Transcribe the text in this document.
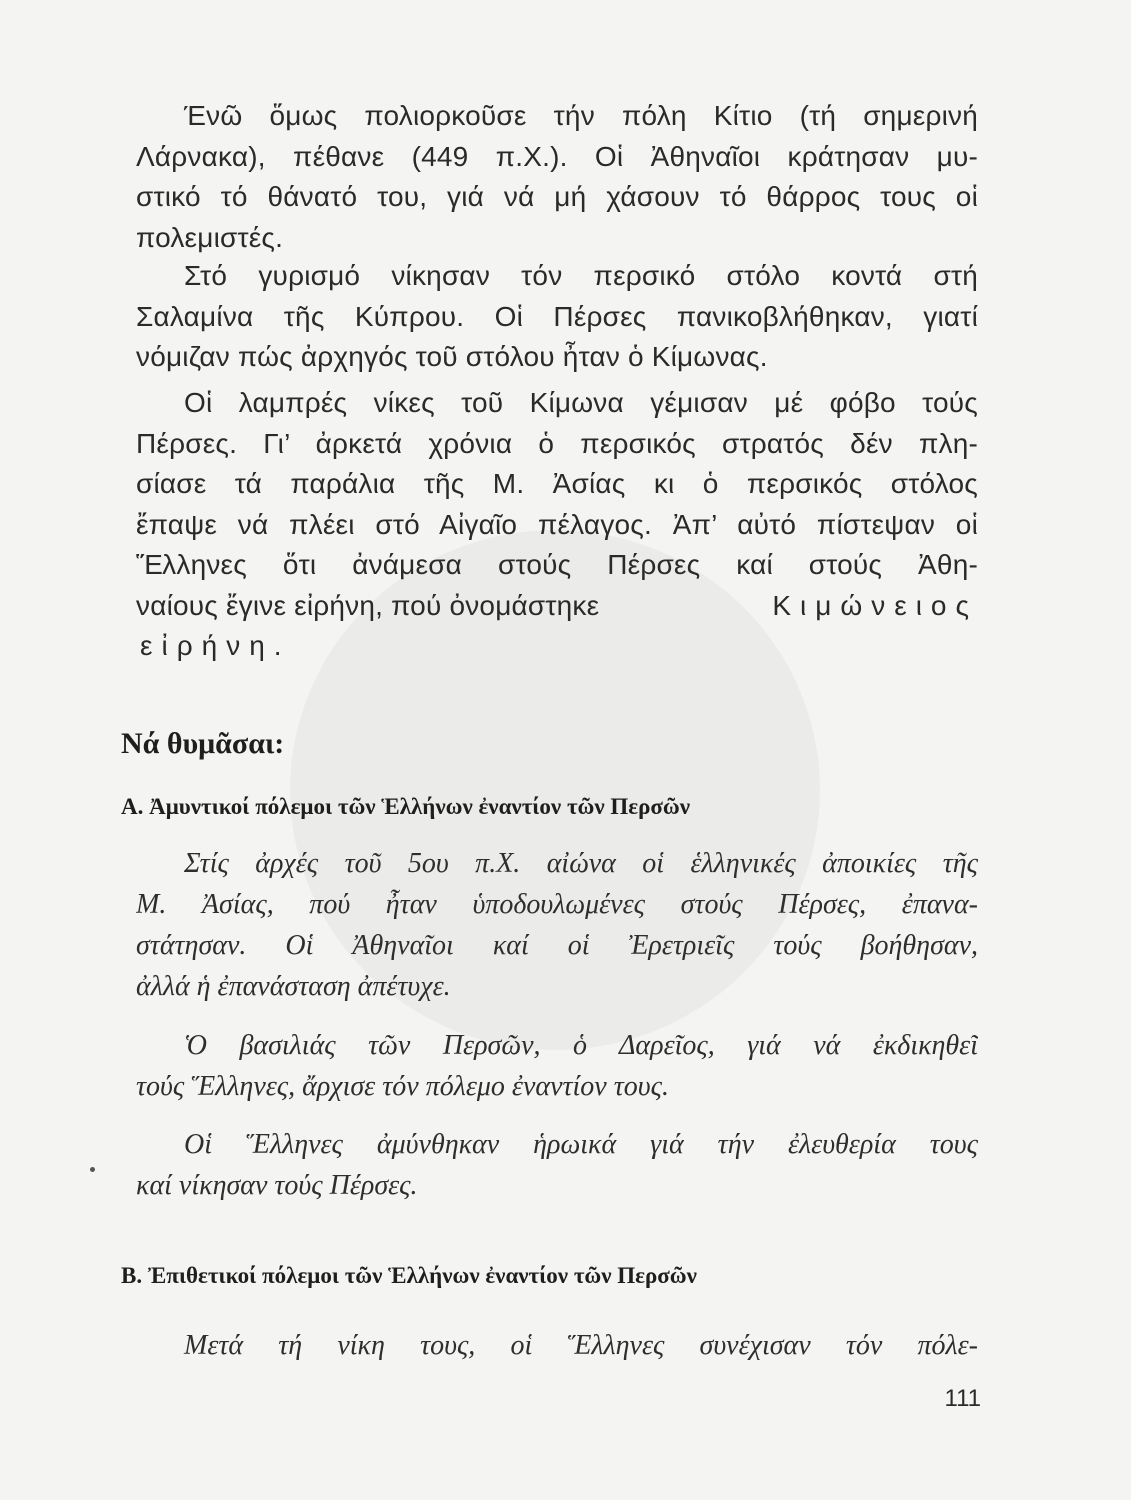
Ένῶ ὅμως πολιορκοῦσε τήν πόλη Κίτιο (τή σημερινή
Λάρνακα), πέθανε (449 π.Χ.). Οἱ Ἀθηναῖοι κράτησαν μυ-
στικό τό θάνατό του, γιά νά μή χάσουν τό θάρρος τους οἱ
πολεμιστές.
Στό γυρισμό νίκησαν τόν περσικό στόλο κοντά στή
Σαλαμίνα τῆς Κύπρου. Οἱ Πέρσες πανικοβλήθηκαν, γιατί
νόμιζαν πώς ἀρχηγός τοῦ στόλου ἦταν ὁ Κίμωνας.
Οἱ λαμπρές νίκες τοῦ Κίμωνα γέμισαν μέ φόβο τούς
Πέρσες. Γι’ ἀρκετά χρόνια ὁ περσικός στρατός δέν πλη-
σίασε τά παράλια τῆς Μ. Ἀσίας κι ὁ περσικός στόλος
ἔπαψε νά πλέει στό Αἰγαῖο πέλαγος. Ἀπ’ αὐτό πίστεψαν οἱ
Ἕλληνες ὅτι ἀνάμεσα στούς Πέρσες καί στούς Ἀθη-
ναίους ἔγινε εἰρήνη, πού ὀνομάστηκε	Κιμώνειος
εἰρήνη.
Νά θυμᾶσαι:
Α. Ἀμυντικοί πόλεμοι τῶν Ἑλλήνων ἐναντίον τῶν Περσῶν
Στίς ἀρχές τοῦ 5ου π.Χ. αἰώνα οἱ ἑλληνικές ἀποικίες τῆς
Μ. Ἀσίας, πού ἦταν ὑποδουλωμένες στούς Πέρσες, ἐπανα-
στάτησαν. Οἱ Ἀθηναῖοι καί οἱ Ἐρετριεῖς τούς βοήθησαν,
ἀλλά ἡ ἐπανάσταση ἀπέτυχε.
Ὁ βασιλιάς τῶν Περσῶν, ὁ Δαρεῖος, γιά νά ἐκδικηθεῖ
τούς Ἕλληνες, ἄρχισε τόν πόλεμο ἐναντίον τους.
Οἱ Ἕλληνες ἀμύνθηκαν ἡρωικά γιά τήν ἐλευθερία τους
καί νίκησαν τούς Πέρσες.
Β. Ἐπιθετικοί πόλεμοι τῶν Ἑλλήνων ἐναντίον τῶν Περσῶν
Μετά τή νίκη τους, οἱ Ἕλληνες συνέχισαν τόν πόλε-
111
